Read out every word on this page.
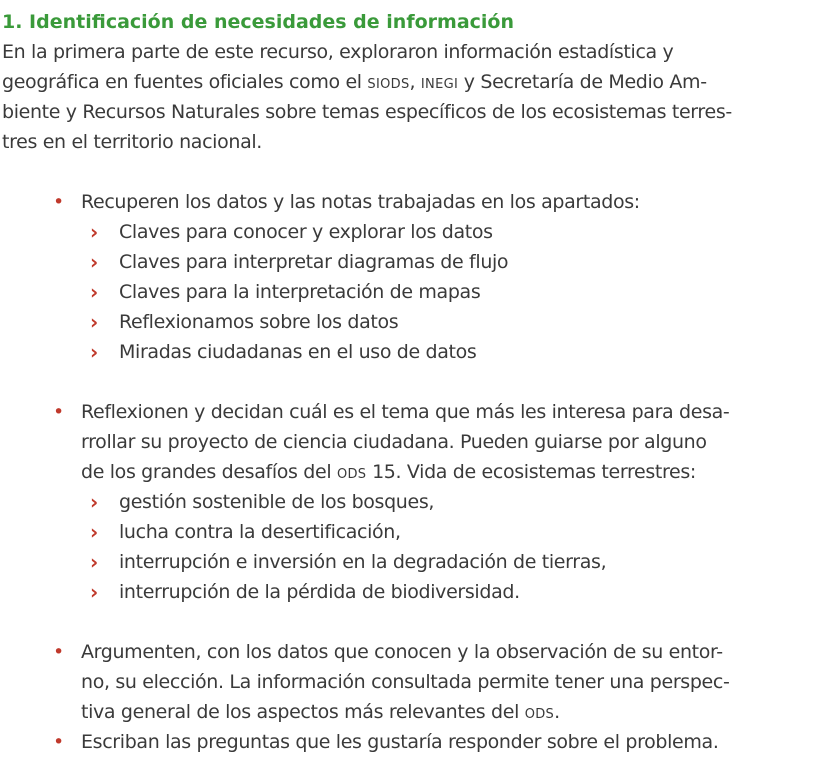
1. Identificación de necesidades de información
En la primera parte de este recurso, exploraron información estadística y
geográfica en fuentes oficiales como el SIODS, INEGI y Secretaría de Medio Am-
biente y Recursos Naturales sobre temas específicos de los ecosistemas terres-
tres en el territorio nacional.
• Recuperen los datos y las notas trabajadas en los apartados:
›	Claves para conocer y explorar los datos
›	Claves para interpretar diagramas de flujo
›	Claves para la interpretación de mapas
›	Reflexionamos sobre los datos
›	Miradas ciudadanas en el uso de datos
• Reflexionen y decidan cuál es el tema que más les interesa para desa-
rrollar su proyecto de ciencia ciudadana. Pueden guiarse por alguno
de los grandes desafíos del ODS 15. Vida de ecosistemas terrestres:
›	gestión sostenible de los bosques,
›	lucha contra la desertificación,
›	interrupción e inversión en la degradación de tierras,
›	interrupción de la pérdida de biodiversidad.
• Argumenten, con los datos que conocen y la observación de su entor-
no, su elección. La información consultada permite tener una perspec-
tiva general de los aspectos más relevantes del ODS.
• Escriban las preguntas que les gustaría responder sobre el problema.
